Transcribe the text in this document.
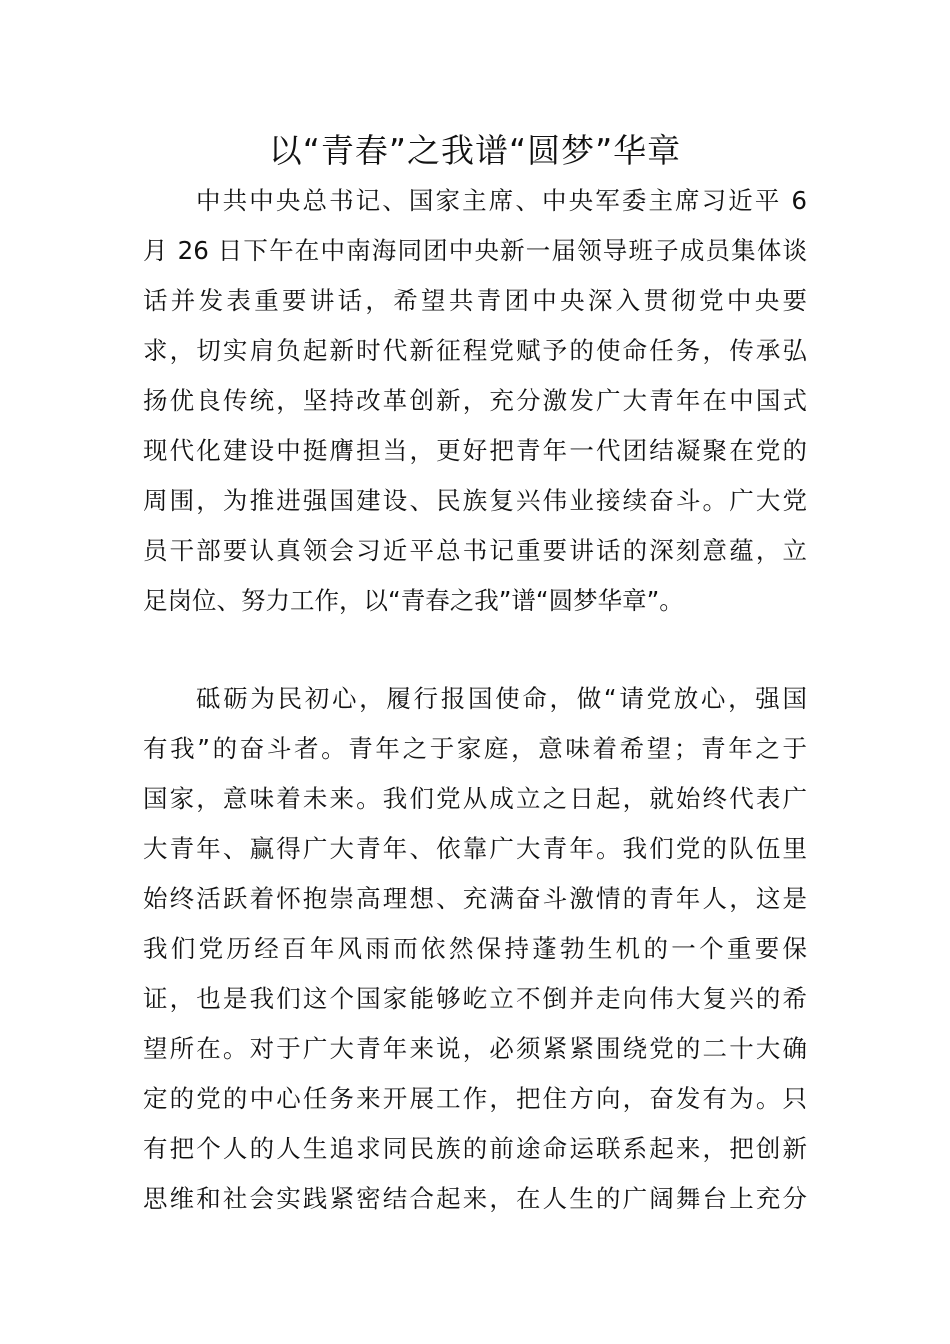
以“青春”之我谱“圆梦”华章
中共中央总书记、国家主席、中央军委主席习近平 6
月 26 日下午在中南海同团中央新一届领导班子成员集体谈
话并发表重要讲话，希望共青团中央深入贯彻党中央要
求，切实肩负起新时代新征程党赋予的使命任务，传承弘
扬优良传统，坚持改革创新，充分激发广大青年在中国式
现代化建设中挺膺担当，更好把青年一代团结凝聚在党的
周围，为推进强国建设、民族复兴伟业接续奋斗。广大党
员干部要认真领会习近平总书记重要讲话的深刻意蕴，立
足岗位、努力工作，以“青春之我”谱“圆梦华章”。
砥砺为民初心，履行报国使命，做“请党放心，强国
有我”的奋斗者。青年之于家庭，意味着希望；青年之于
国家，意味着未来。我们党从成立之日起，就始终代表广
大青年、赢得广大青年、依靠广大青年。我们党的队伍里
始终活跃着怀抱崇高理想、充满奋斗激情的青年人，这是
我们党历经百年风雨而依然保持蓬勃生机的一个重要保
证，也是我们这个国家能够屹立不倒并走向伟大复兴的希
望所在。对于广大青年来说，必须紧紧围绕党的二十大确
定的党的中心任务来开展工作，把住方向，奋发有为。只
有把个人的人生追求同民族的前途命运联系起来，把创新
思维和社会实践紧密结合起来，在人生的广阔舞台上充分
